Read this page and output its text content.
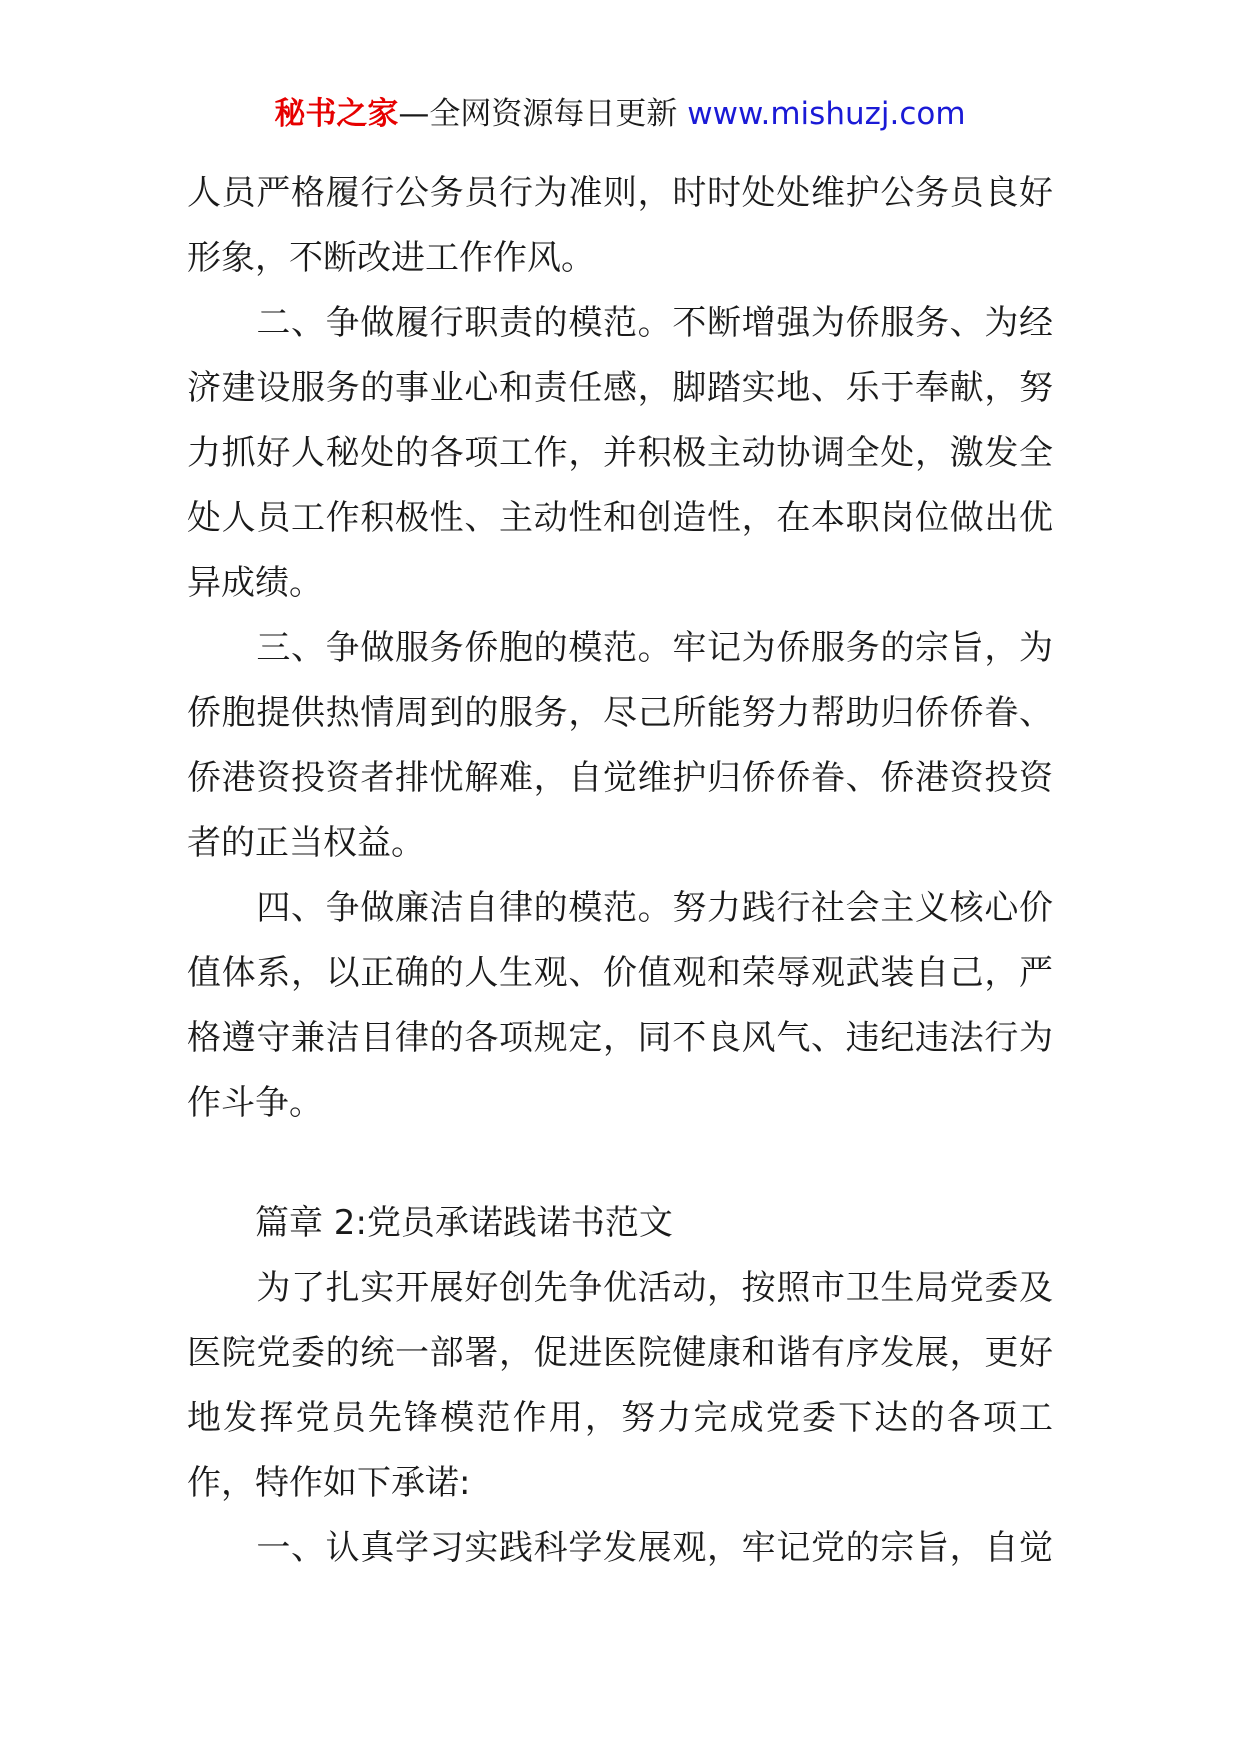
秘书之家—全网资源每日更新 www.mishuzj.com
人员严格履行公务员行为准则，时时处处维护公务员良好
形象，不断改进工作作风。
　　二、争做履行职责的模范。不断增强为侨服务、为经
济建设服务的事业心和责任感，脚踏实地、乐于奉献，努
力抓好人秘处的各项工作，并积极主动协调全处，激发全
处人员工作积极性、主动性和创造性，在本职岗位做出优
异成绩。
　　三、争做服务侨胞的模范。牢记为侨服务的宗旨，为
侨胞提供热情周到的服务，尽己所能努力帮助归侨侨眷、
侨港资投资者排忧解难，自觉维护归侨侨眷、侨港资投资
者的正当权益。
　　四、争做廉洁自律的模范。努力践行社会主义核心价
值体系，以正确的人生观、价值观和荣辱观武装自己，严
格遵守兼洁目律的各项规定，同不良风气、违纪违法行为
作斗争。
　　篇章 2:党员承诺践诺书范文
　　为了扎实开展好创先争优活动，按照市卫生局党委及
医院党委的统一部署，促进医院健康和谐有序发展，更好
地发挥党员先锋模范作用，努力完成党委下达的各项工
作，特作如下承诺:
　　一、认真学习实践科学发展观，牢记党的宗旨，自觉
